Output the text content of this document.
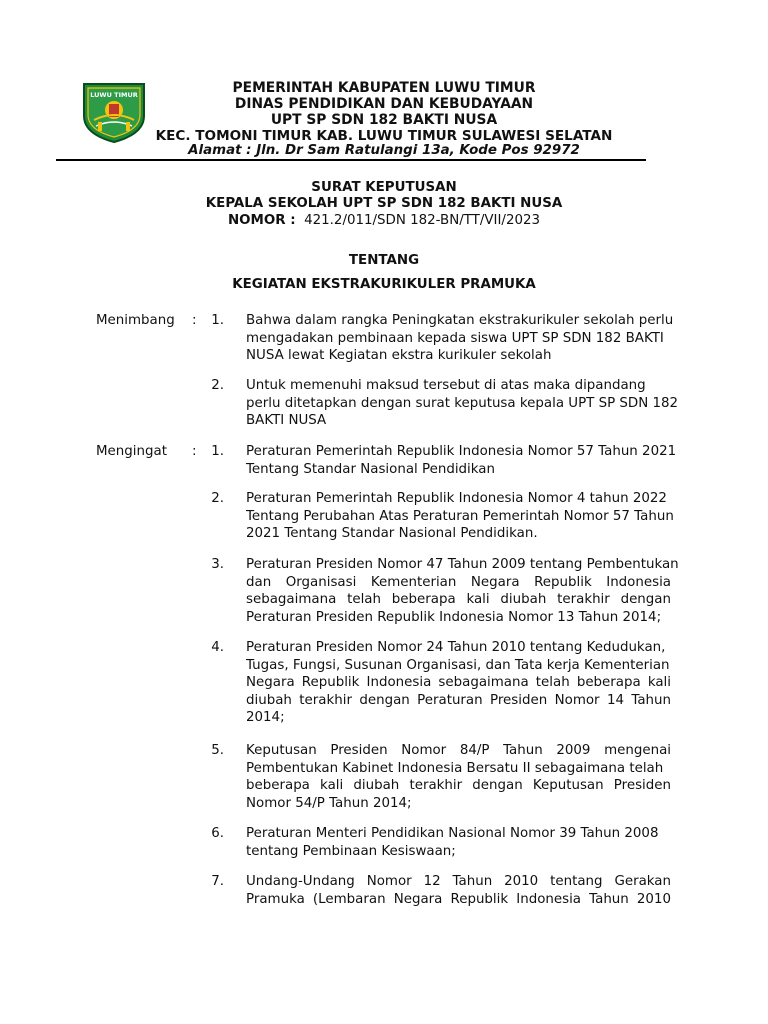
LUWU TIMUR	PEMERINTAH KABUPATEN LUWU TIMUR
DINAS PENDIDIKAN DAN KEBUDAYAAN
UPT SP SDN 182 BAKTI NUSA
KEC. TOMONI TIMUR KAB. LUWU TIMUR SULAWESI SELATAN
Alamat : Jln. Dr Sam Ratulangi 13a, Kode Pos 92972
SURAT KEPUTUSAN
KEPALA SEKOLAH UPT SP SDN 182 BAKTI NUSA
NOMOR : 421.2/011/SDN 182-BN/TT/VII/2023
TENTANG
KEGIATAN EKSTRAKURIKULER PRAMUKA
Menimbang : 1. Bahwa dalam rangka Peningkatan ekstrakurikuler sekolah perlu
mengadakan pembinaan kepada siswa UPT SP SDN 182 BAKTI
NUSA lewat Kegiatan ekstra kurikuler sekolah
2. Untuk memenuhi maksud tersebut di atas maka dipandang
perlu ditetapkan dengan surat keputusa kepala UPT SP SDN 182
BAKTI NUSA
Mengingat : 1. Peraturan Pemerintah Republik Indonesia Nomor 57 Tahun 2021
Tentang Standar Nasional Pendidikan
2. Peraturan Pemerintah Republik Indonesia Nomor 4 tahun 2022
Tentang Perubahan Atas Peraturan Pemerintah Nomor 57 Tahun
2021 Tentang Standar Nasional Pendidikan.
3. Peraturan Presiden Nomor 47 Tahun 2009 tentang Pembentukan
dan Organisasi Kementerian Negara Republik Indonesia
sebagaimana telah beberapa kali diubah terakhir dengan
Peraturan Presiden Republik Indonesia Nomor 13 Tahun 2014;
4. Peraturan Presiden Nomor 24 Tahun 2010 tentang Kedudukan,
Tugas, Fungsi, Susunan Organisasi, dan Tata kerja Kementerian
Negara Republik Indonesia sebagaimana telah beberapa kali
diubah terakhir dengan Peraturan Presiden Nomor 14 Tahun
2014;
5. Keputusan Presiden Nomor 84/P Tahun 2009 mengenai
Pembentukan Kabinet Indonesia Bersatu II sebagaimana telah
beberapa kali diubah terakhir dengan Keputusan Presiden
Nomor 54/P Tahun 2014;
6. Peraturan Menteri Pendidikan Nasional Nomor 39 Tahun 2008
tentang Pembinaan Kesiswaan;
7. Undang-Undang Nomor 12 Tahun 2010 tentang Gerakan
Pramuka (Lembaran Negara Republik Indonesia Tahun 2010
